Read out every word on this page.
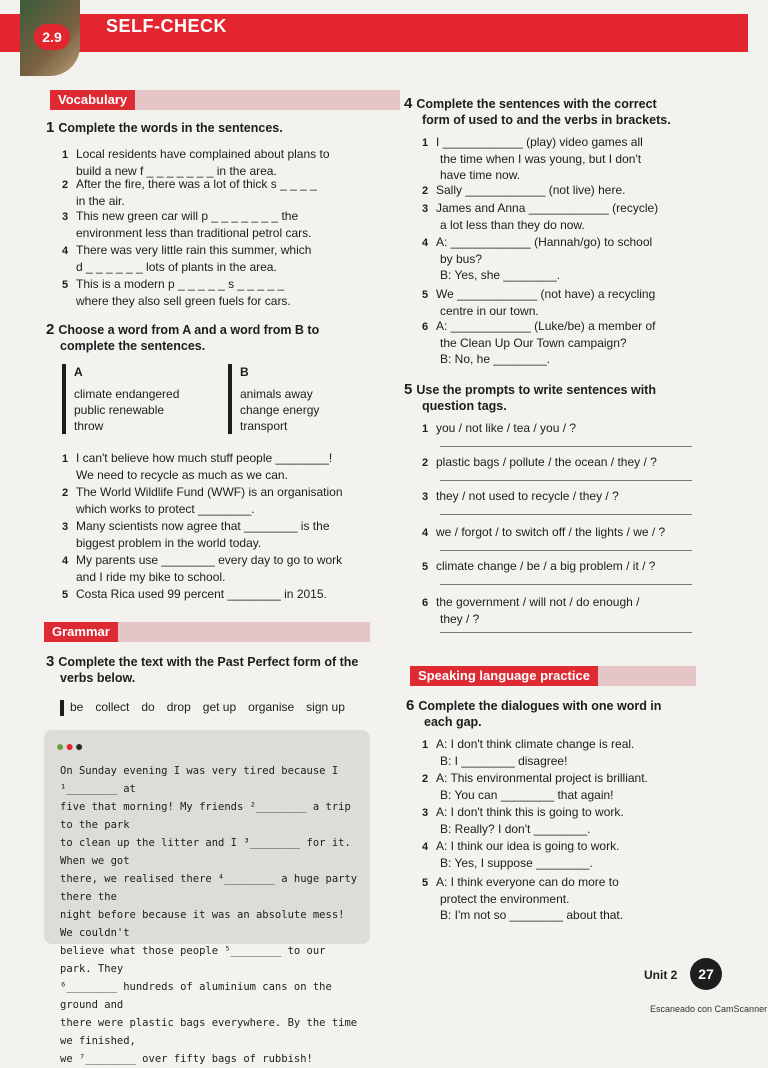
2.9
SELF-CHECK
Vocabulary
1 Complete the words in the sentences.
2 Choose a word from A and a word from B to
complete the sentences.
A
climate endangered
public renewable
throw
B
animals away
change energy
transport
Grammar
3 Complete the text with the Past Perfect form of the
verbs below.
be collect do drop get up organise sign up
●●●
On Sunday evening I was very tired because I ¹________ at
five that morning! My friends ²________ a trip to the park
to clean up the litter and I ³________ for it. When we got
there, we realised there ⁴________ a huge party there the
night before because it was an absolute mess! We couldn't
believe what those people ⁵________ to our park. They
⁶________ hundreds of aluminium cans on the ground and
there were plastic bags everywhere. By the time we finished,
we ⁷________ over fifty bags of rubbish!
4 Complete the sentences with the correct
form of used to and the verbs in brackets.
5 Use the prompts to write sentences with
question tags.
Speaking language practice
6 Complete the dialogues with one word in
each gap.
Unit 2	27
Escaneado con CamScanner
1 Local residents have complained about plans to
build a new f _ _ _ _ _ _ _ in the area.
2 After the fire, there was a lot of thick s _ _ _ _
in the air.
3 This new green car will p _ _ _ _ _ _ _ the
environment less than traditional petrol cars.
4 There was very little rain this summer, which
d _ _ _ _ _ _ lots of plants in the area.
5 This is a modern p _ _ _ _ _ s _ _ _ _ _
where they also sell green fuels for cars.
1 I can't believe how much stuff people ________!
We need to recycle as much as we can.
2 The World Wildlife Fund (WWF) is an organisation
which works to protect ________.
3 Many scientists now agree that ________ is the
biggest problem in the world today.
4 My parents use ________ every day to go to work
and I ride my bike to school.
5 Costa Rica used 99 percent ________ in 2015.
1 I ____________ (play) video games all
the time when I was young, but I don't
have time now.
2 Sally ____________ (not live) here.
3 James and Anna ____________ (recycle)
a lot less than they do now.
4 A: ____________ (Hannah/go) to school
by bus?
B: Yes, she ________.
5 We ____________ (not have) a recycling
centre in our town.
6 A: ____________ (Luke/be) a member of
the Clean Up Our Town campaign?
B: No, he ________.
1 you / not like / tea / you / ?
2 plastic bags / pollute / the ocean / they / ?
3 they / not used to recycle / they / ?
4 we / forgot / to switch off / the lights / we / ?
5 climate change / be / a big problem / it / ?
6 the government / will not / do enough /
they / ?
1 A: I don't think climate change is real.
B: I ________ disagree!
2 A: This environmental project is brilliant.
B: You can ________ that again!
3 A: I don't think this is going to work.
B: Really? I don't ________.
4 A: I think our idea is going to work.
B: Yes, I suppose ________.
5 A: I think everyone can do more to
protect the environment.
B: I'm not so ________ about that.
